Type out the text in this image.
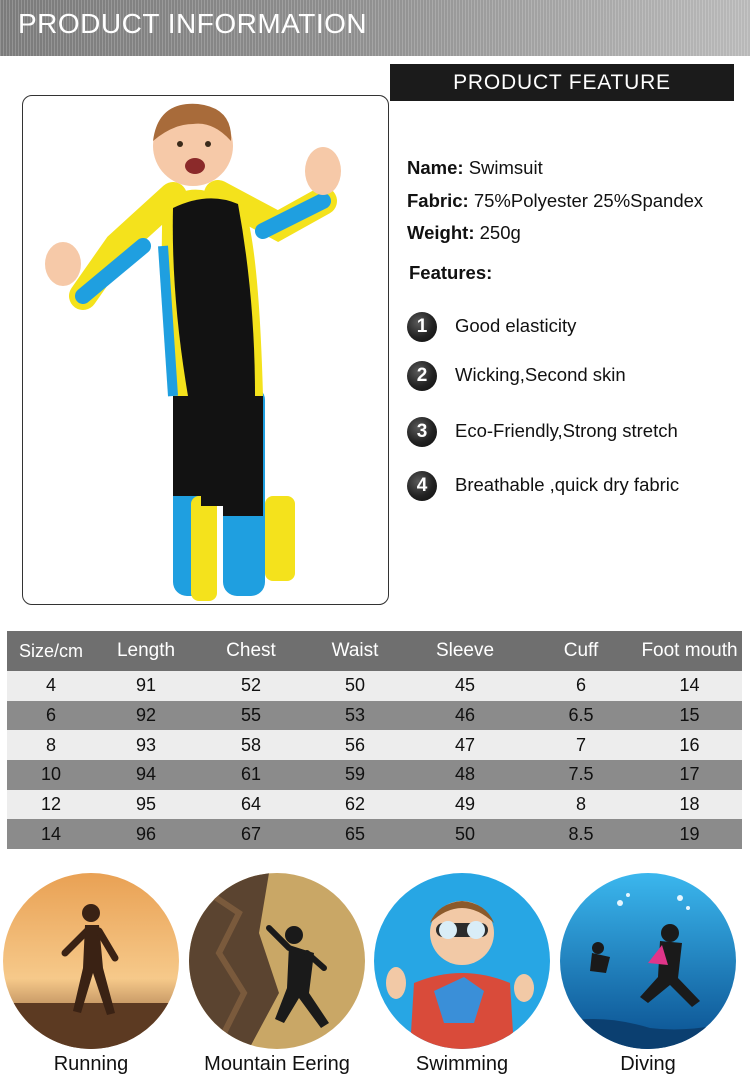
PRODUCT INFORMATION
PRODUCT FEATURE
Name: Swimsuit
Fabric: 75%Polyester 25%Spandex
Weight: 250g
Features:
1	Good elasticity
2	Wicking,Second skin
3	Eco-Friendly,Strong stretch
4	Breathable ,quick dry fabric
Size/cm	Length	Chest	Waist	Sleeve	Cuff	Foot mouth
4	91	52	50	45	6	14
6	92	55	53	46	6.5	15
8	93	58	56	47	7	16
10	94	61	59	48	7.5	17
12	95	64	62	49	8	18
14	96	67	65	50	8.5	19
Running	Mountain Eering	Swimming	Diving
